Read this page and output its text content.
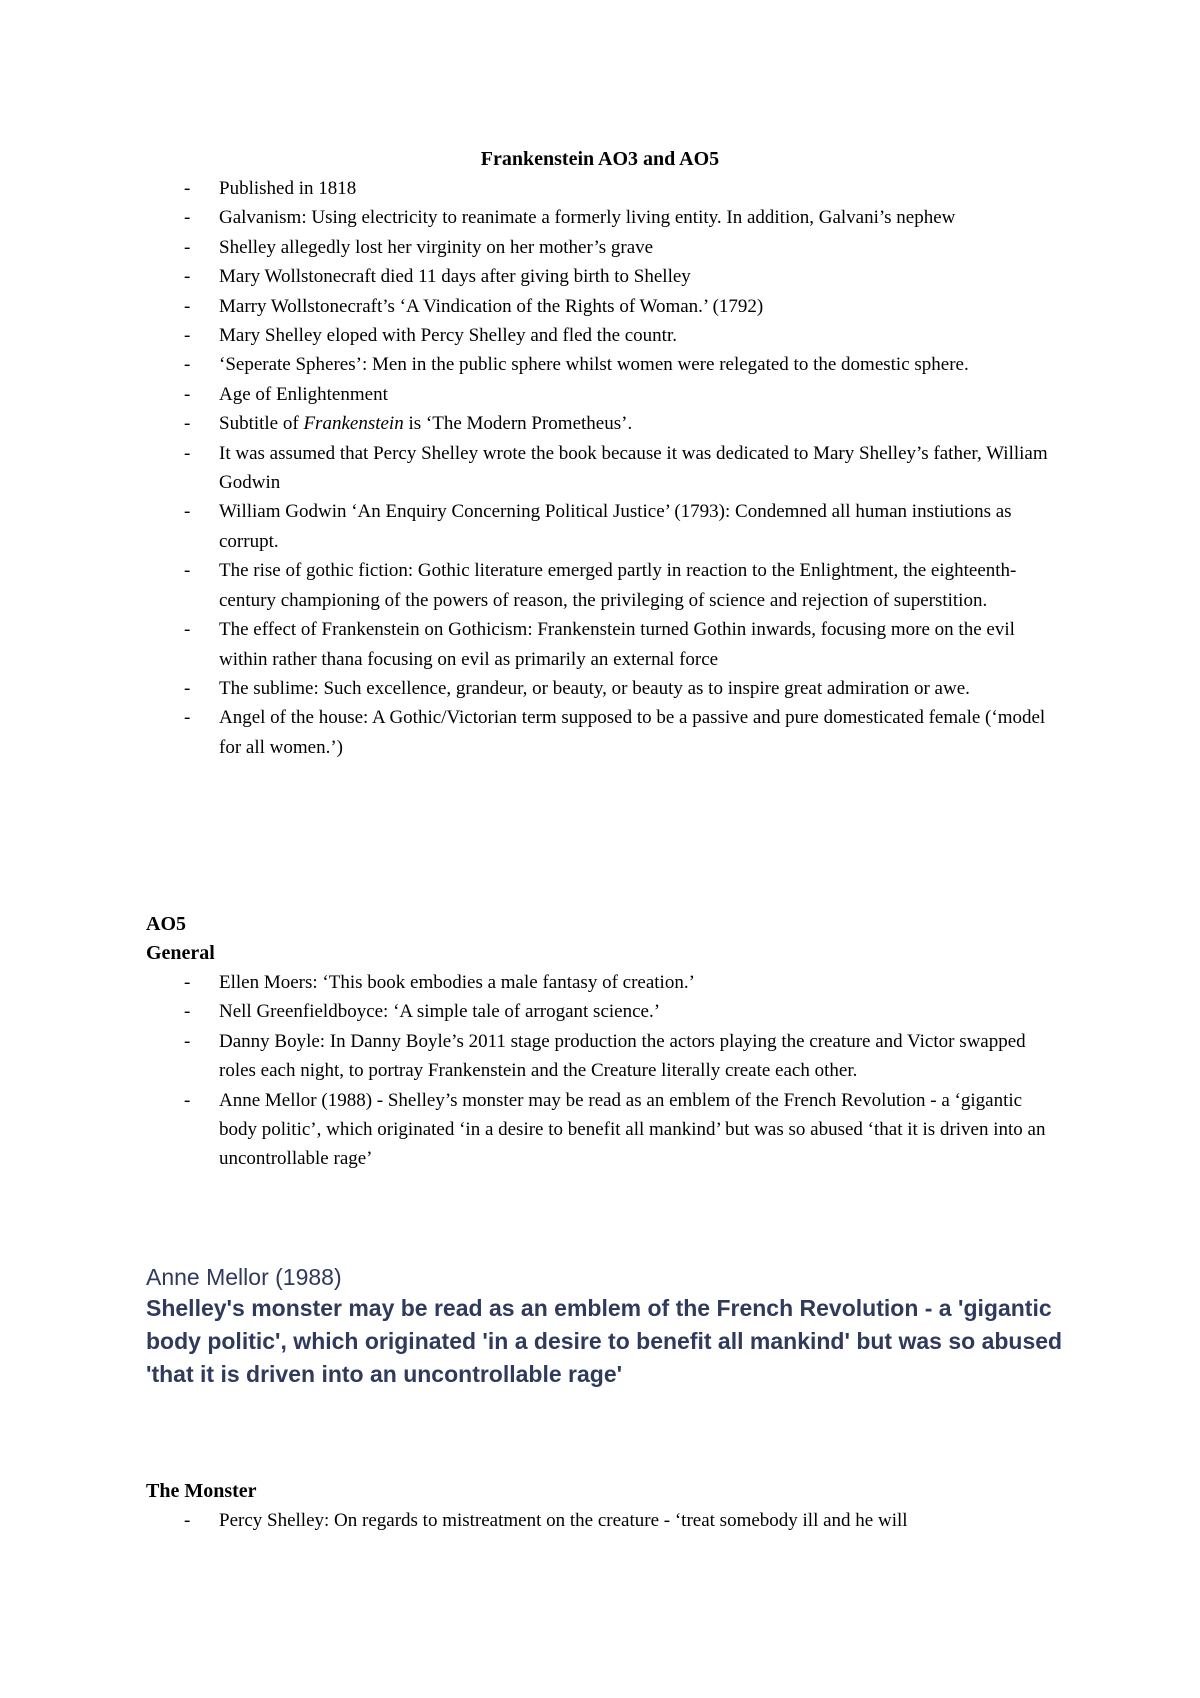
Frankenstein AO3 and AO5
- Published in 1818
- Galvanism: Using electricity to reanimate a formerly living entity. In addition, Galvani’s nephew
- Shelley allegedly lost her virginity on her mother’s grave
- Mary Wollstonecraft died 11 days after giving birth to Shelley
- Marry Wollstonecraft’s ‘A Vindication of the Rights of Woman.’ (1792)
- Mary Shelley eloped with Percy Shelley and fled the countr.
- ‘Seperate Spheres’: Men in the public sphere whilst women were relegated to the domestic sphere.
- Age of Enlightenment
- Subtitle of Frankenstein is ‘The Modern Prometheus’.
- It was assumed that Percy Shelley wrote the book because it was dedicated to Mary Shelley’s father, William Godwin
- William Godwin ‘An Enquiry Concerning Political Justice’ (1793): Condemned all human instiutions as corrupt.
- The rise of gothic fiction: Gothic literature emerged partly in reaction to the Enlightment, the eighteenth-century championing of the powers of reason, the privileging of science and rejection of superstition.
- The effect of Frankenstein on Gothicism: Frankenstein turned Gothin inwards, focusing more on the evil within rather thana focusing on evil as primarily an external force
- The sublime: Such excellence, grandeur, or beauty, or beauty as to inspire great admiration or awe.
- Angel of the house: A Gothic/Victorian term supposed to be a passive and pure domesticated female (‘model for all women.’)
AO5
General
- Ellen Moers: ‘This book embodies a male fantasy of creation.’
- Nell Greenfieldboyce: ‘A simple tale of arrogant science.’
- Danny Boyle: In Danny Boyle’s 2011 stage production the actors playing the creature and Victor swapped roles each night, to portray Frankenstein and the Creature literally create each other.
- Anne Mellor (1988) - Shelley’s monster may be read as an emblem of the French Revolution - a ‘gigantic body politic’, which originated ‘in a desire to benefit all mankind’ but was so abused ‘that it is driven into an uncontrollable rage’
Anne Mellor (1988)
Shelley's monster may be read as an emblem of the French Revolution - a 'gigantic body politic', which originated 'in a desire to benefit all mankind' but was so abused 'that it is driven into an uncontrollable rage'
The Monster
- Percy Shelley: On regards to mistreatment on the creature - ‘treat somebody ill and he will
